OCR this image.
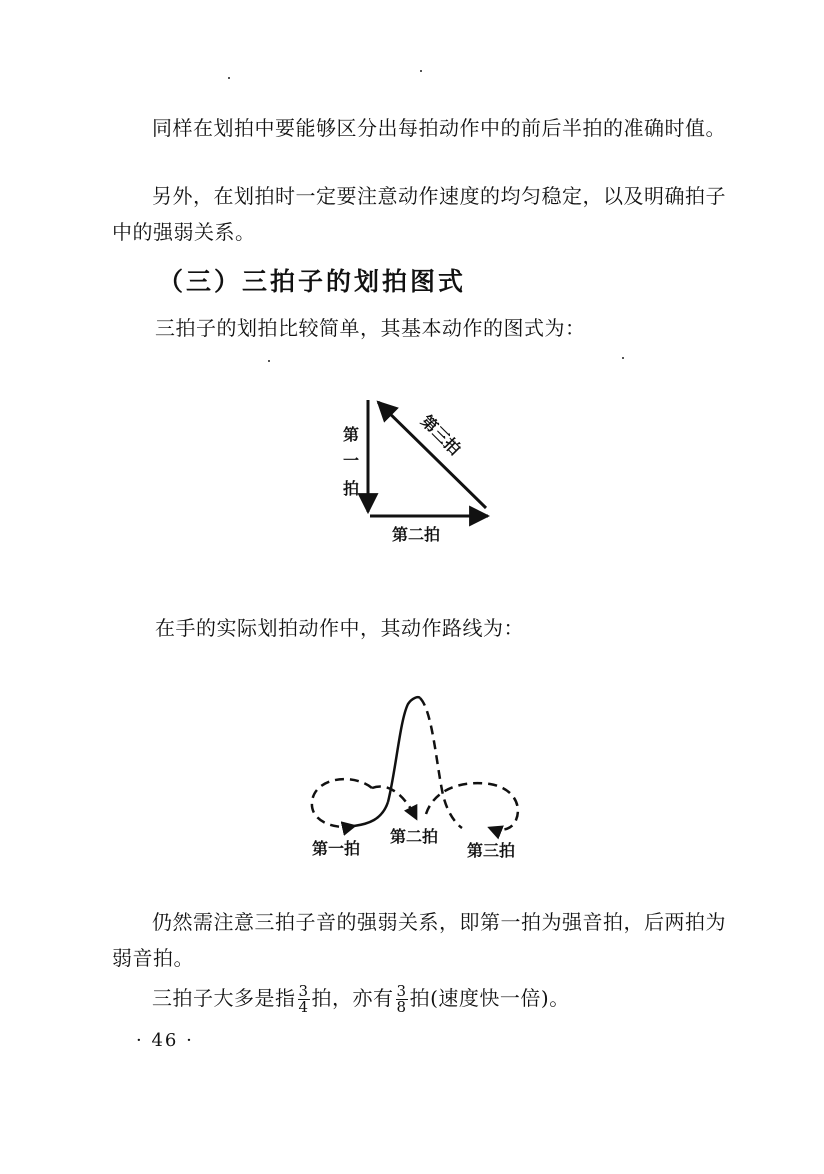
同样在划拍中要能够区分出每拍动作中的前后半拍的准确时值。

另外，在划拍时一定要注意动作速度的均匀稳定，以及明确拍子中的强弱关系。

（三）三拍子的划拍图式

三拍子的划拍比较简单，其基本动作的图式为：

第
一
拍
第二拍
第三拍

在手的实际划拍动作中，其动作路线为：

第一拍
第二拍
第三拍

仍然需注意三拍子音的强弱关系，即第一拍为强音拍，后两拍为弱音拍。

三拍子大多是指 $\frac{3}{4}$ 拍，亦有 $\frac{3}{8}$ 拍(速度快一倍)。

· 46 ·
